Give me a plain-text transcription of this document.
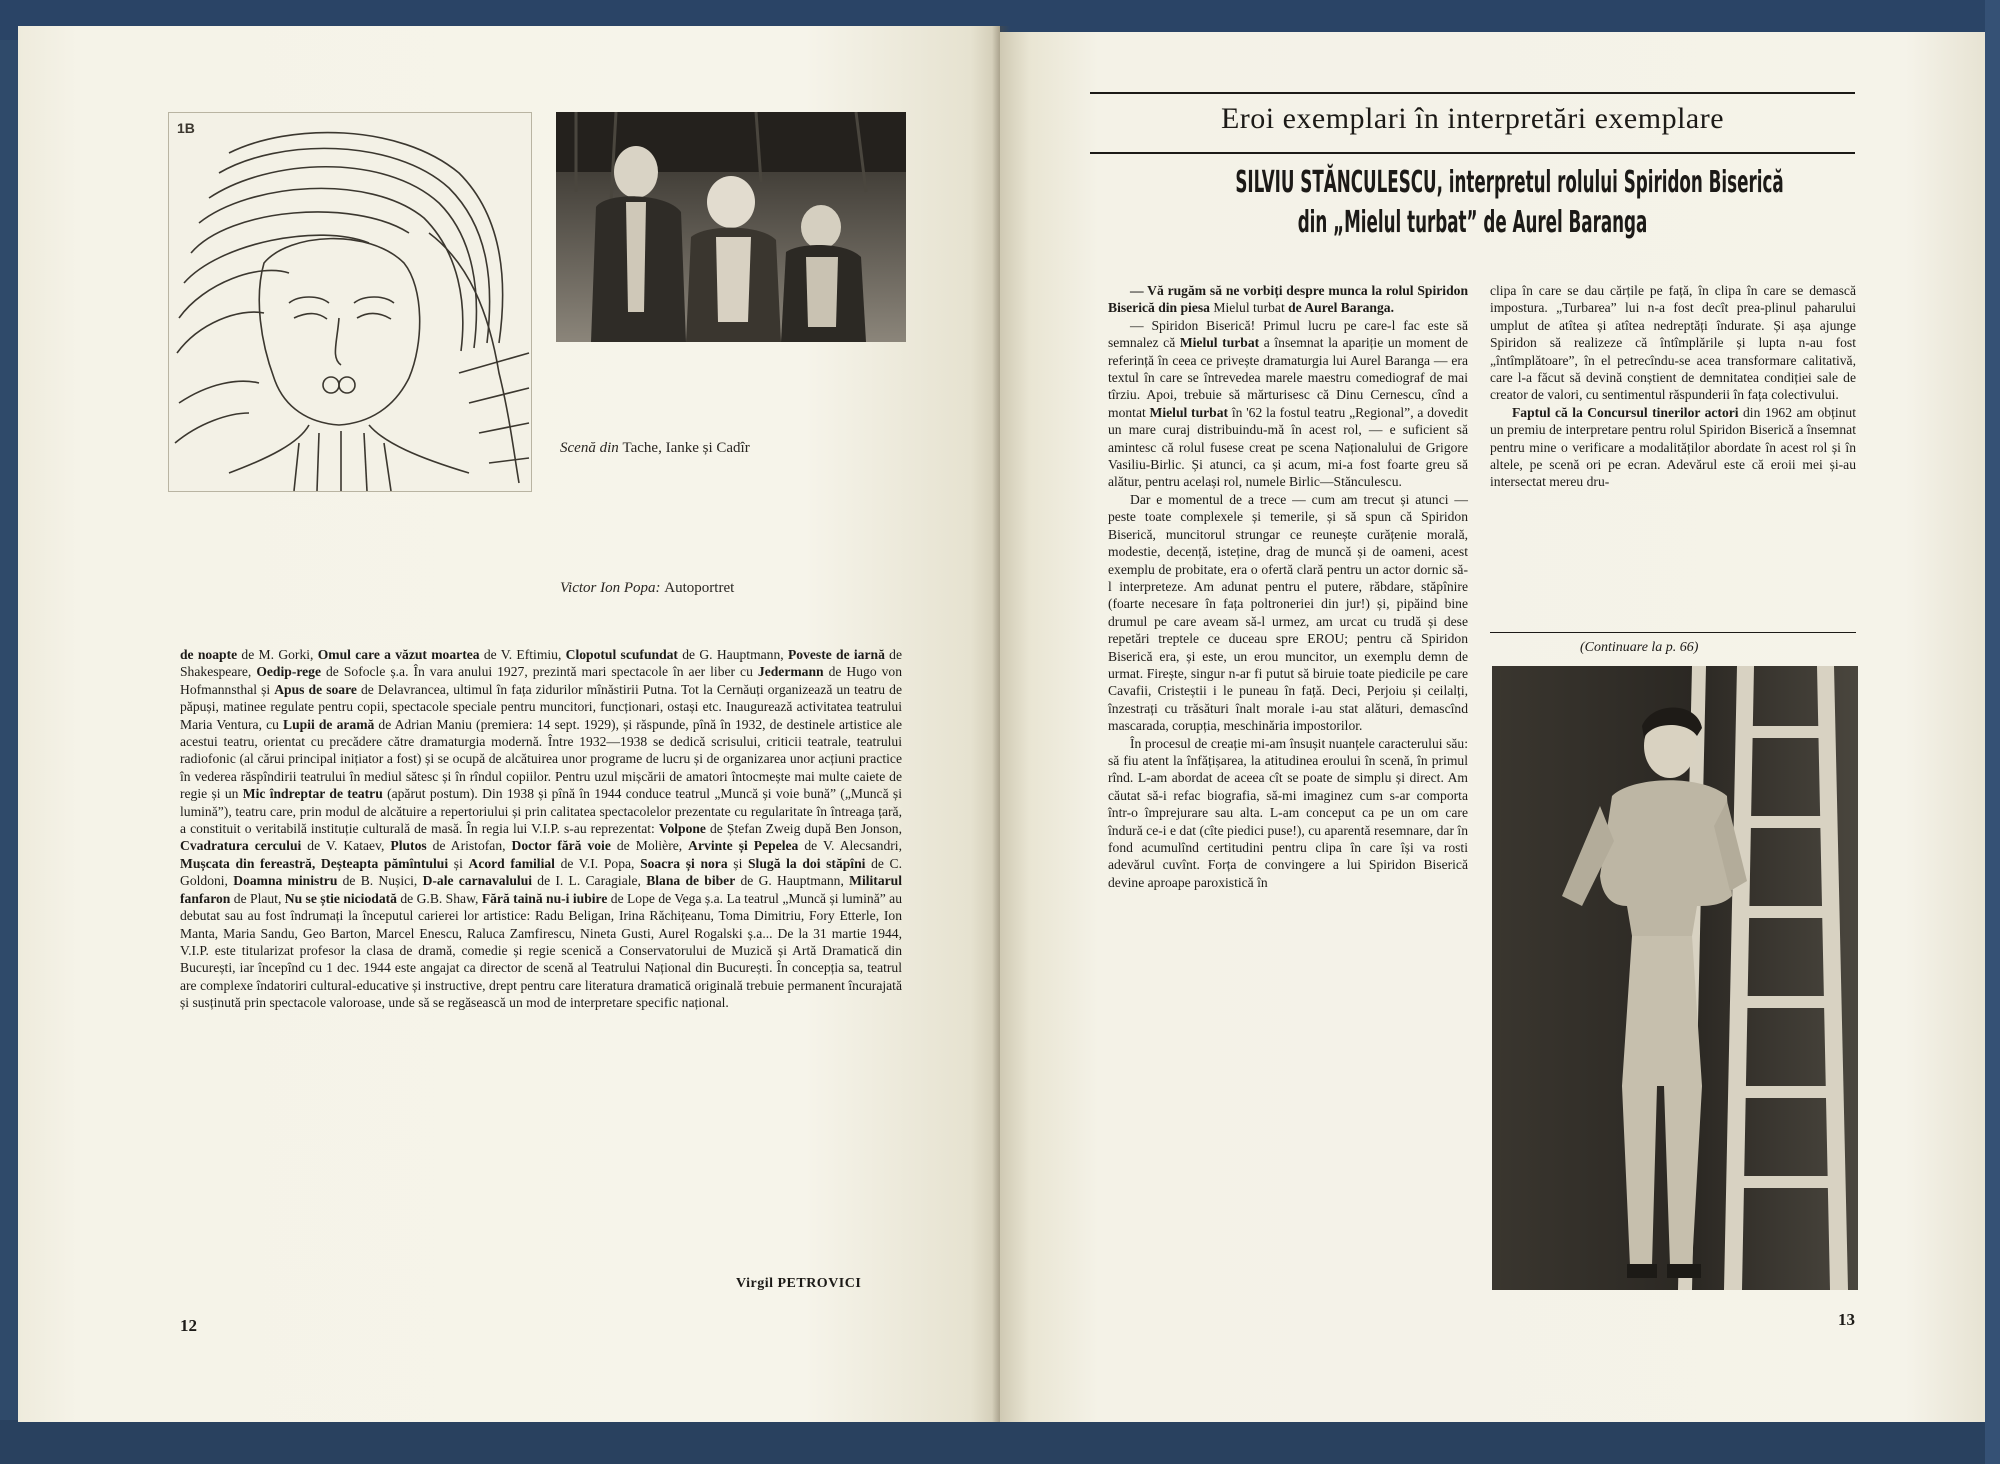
1B
Scenă din Tache, Ianke și Cadîr
Victor Ion Popa: Autoportret
de noapte de M. Gorki, Omul care a văzut moartea de V. Eftimiu, Clopotul scufundat de G. Hauptmann, Poveste de iarnă de Shakespeare, Oedip-rege de Sofocle ș.a. În vara anului 1927, prezintă mari spectacole în aer liber cu Jedermann de Hugo von Hofmannsthal și Apus de soare de Delavrancea, ultimul în fața zidurilor mînăstirii Putna. Tot la Cernăuți organizează un teatru de păpuși, matinee regulate pentru copii, spectacole speciale pentru muncitori, funcționari, ostași etc. Inaugurează activitatea teatrului Maria Ventura, cu Lupii de aramă de Adrian Maniu (premiera: 14 sept. 1929), și răspunde, pînă în 1932, de destinele artistice ale acestui teatru, orientat cu precădere către dramaturgia modernă. Între 1932—1938 se dedică scrisului, criticii teatrale, teatrului radiofonic (al cărui principal inițiator a fost) și se ocupă de alcătuirea unor programe de lucru și de organizarea unor acțiuni practice în vederea răspîndirii teatrului în mediul sătesc și în rîndul copiilor. Pentru uzul mișcării de amatori întocmește mai multe caiete de regie și un Mic îndreptar de teatru (apărut postum). Din 1938 și pînă în 1944 conduce teatrul „Muncă și voie bună” („Muncă și lumină”), teatru care, prin modul de alcătuire a repertoriului și prin calitatea spectacolelor prezentate cu regularitate în întreaga țară, a constituit o veritabilă instituție culturală de masă. În regia lui V.I.P. s-au reprezentat: Volpone de Ștefan Zweig după Ben Jonson, Cvadratura cercului de V. Kataev, Plutos de Aristofan, Doctor fără voie de Molière, Arvinte și Pepelea de V. Alecsandri, Mușcata din fereastră, Deșteapta pămîntului și Acord familial de V.I. Popa, Soacra și nora și Slugă la doi stăpîni de C. Goldoni, Doamna ministru de B. Nușici, D-ale carnavalului de I. L. Caragiale, Blana de biber de G. Hauptmann, Militarul fanfaron de Plaut, Nu se știe niciodată de G.B. Shaw, Fără taină nu-i iubire de Lope de Vega ș.a. La teatrul „Muncă și lumină” au debutat sau au fost îndrumați la începutul carierei lor artistice: Radu Beligan, Irina Răchițeanu, Toma Dimitriu, Fory Etterle, Ion Manta, Maria Sandu, Geo Barton, Marcel Enescu, Raluca Zamfirescu, Nineta Gusti, Aurel Rogalski ș.a... De la 31 martie 1944, V.I.P. este titularizat profesor la clasa de dramă, comedie și regie scenică a Conservatorului de Muzică și Artă Dramatică din București, iar începînd cu 1 dec. 1944 este angajat ca director de scenă al Teatrului Național din București. În concepția sa, teatrul are complexe îndatoriri cultural-educative și instructive, drept pentru care literatura dramatică originală trebuie permanent încurajată și susținută prin spectacole valoroase, unde să se regăsească un mod de interpretare specific național.
Virgil PETROVICI
12
Eroi exemplari în interpretări exemplare
SILVIU STĂNCULESCU, interpretul rolului Spiridon Biserică
din „Mielul turbat” de Aurel Baranga

— Vă rugăm să ne vorbiți despre munca la rolul Spiridon Biserică din piesa Mielul turbat de Aurel Baranga.

— Spiridon Biserică! Primul lucru pe care-l fac este să semnalez că Mielul turbat a însemnat la apariție un moment de referință în ceea ce privește dramaturgia lui Aurel Baranga — era textul în care se întrevedea marele maestru comediograf de mai tîrziu. Apoi, trebuie să mărturisesc că Dinu Cernescu, cînd a montat Mielul turbat în '62 la fostul teatru „Regional”, a dovedit un mare curaj distribuindu-mă în acest rol, — e suficient să amintesc că rolul fusese creat pe scena Naționalului de Grigore Vasiliu-Birlic. Și atunci, ca și acum, mi-a fost foarte greu să alătur, pentru același rol, numele Birlic—Stănculescu.

Dar e momentul de a trece — cum am trecut și atunci — peste toate complexele și temerile, și să spun că Spiridon Biserică, muncitorul strungar ce reunește curățenie morală, modestie, decență, isteține, drag de muncă și de oameni, acest exemplu de probitate, era o ofertă clară pentru un actor dornic să-l interpreteze. Am adunat pentru el putere, răbdare, stăpînire (foarte necesare în fața poltroneriei din jur!) și, pipăind bine drumul pe care aveam să-l urmez, am urcat cu trudă și dese repetări treptele ce duceau spre EROU; pentru că Spiridon Biserică era, și este, un erou muncitor, un exemplu demn de urmat. Firește, singur n-ar fi putut să biruie toate piedicile pe care Cavafii, Cristeștii i le puneau în față. Deci, Perjoiu și ceilalți, înzestrați cu trăsături înalt morale i-au stat alături, demascînd mascarada, corupția, meschinăria impostorilor.

În procesul de creație mi-am însușit nuanțele caracterului său: să fiu atent la înfățișarea, la atitudinea eroului în scenă, în primul rînd. L-am abordat de aceea cît se poate de simplu și direct. Am căutat să-i refac biografia, să-mi imaginez cum s-ar comporta într-o împrejurare sau alta. L-am conceput ca pe un om care îndură ce-i e dat (cîte piedici puse!), cu aparentă resemnare, dar în fond acumulînd certitudini pentru clipa în care își va rosti adevărul cuvînt. Forța de convingere a lui Spiridon Biserică devine aproape paroxistică în

clipa în care se dau cărțile pe față, în clipa în care se demască impostura. „Turbarea” lui n-a fost decît prea-plinul paharului umplut de atîtea și atîtea nedreptăți îndurate. Și așa ajunge Spiridon să realizeze că întîmplările și lupta n-au fost „întîmplătoare”, în el petrecîndu-se acea transformare calitativă, care l-a făcut să devină conștient de demnitatea condiției sale de creator de valori, cu sentimentul răspunderii în fața colectivului.

Faptul că la Concursul tinerilor actori din 1962 am obținut un premiu de interpretare pentru rolul Spiridon Biserică a însemnat pentru mine o verificare a modalităților abordate în acest rol și în altele, pe scenă ori pe ecran. Adevărul este că eroii mei și-au intersectat mereu dru-

(Continuare la p. 66)
13
